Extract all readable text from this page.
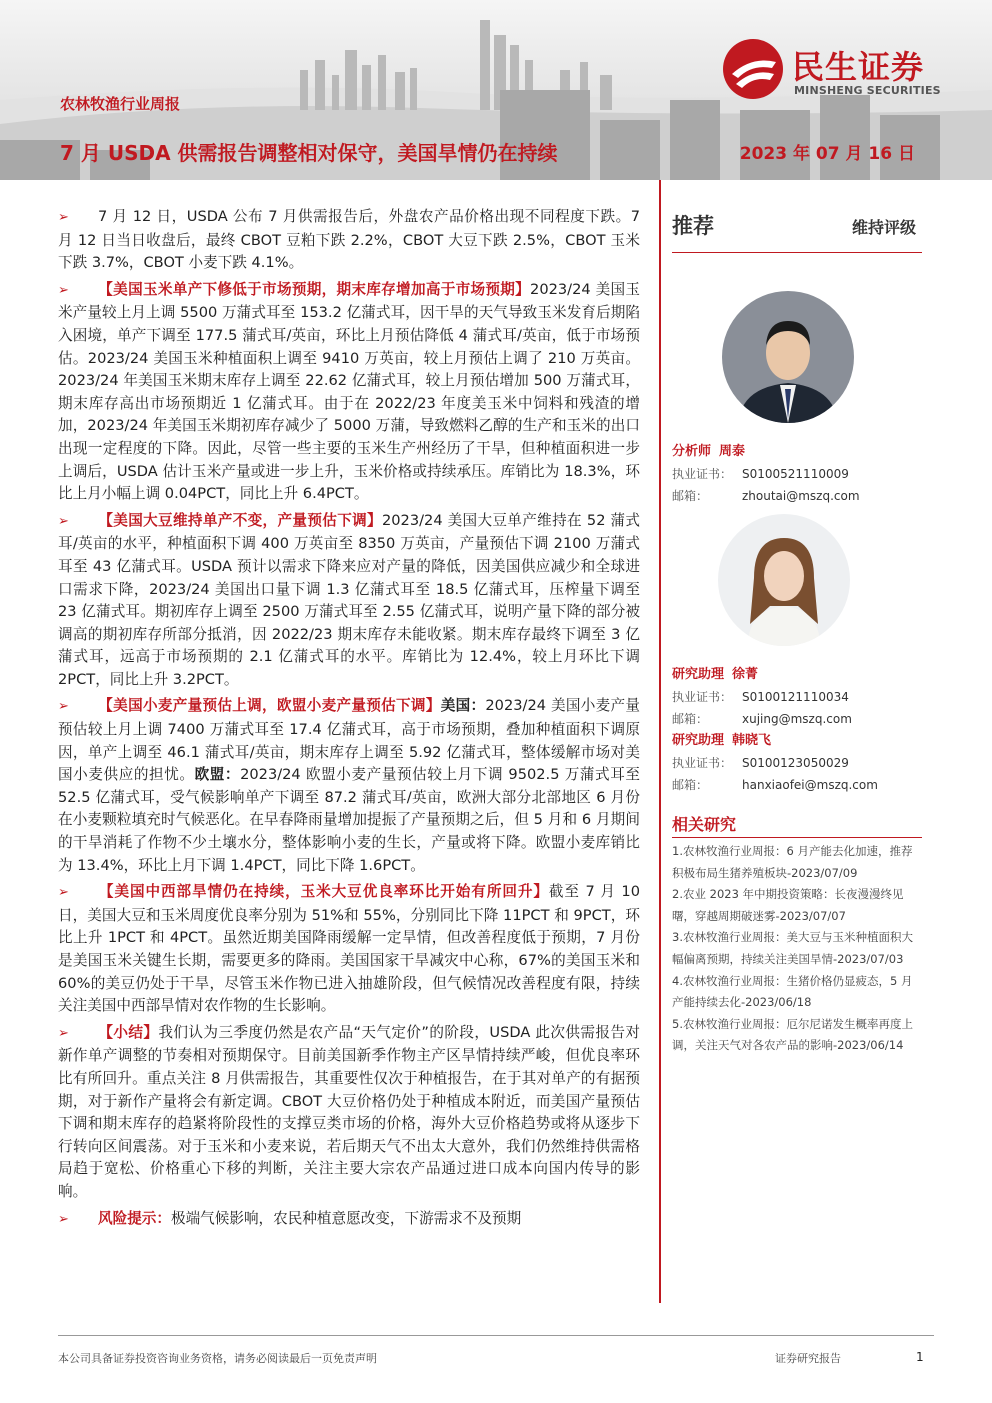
民生证券
MINSHENG SECURITIES
农林牧渔行业周报
7 月 USDA 供需报告调整相对保守，美国旱情仍在持续	2023 年 07 月 16 日

➢ 7 月 12 日，USDA 公布 7 月供需报告后，外盘农产品价格出现不同程度下跌。7 月 12 日当日收盘后，最终 CBOT 豆粕下跌 2.2%，CBOT 大豆下跌 2.5%，CBOT 玉米下跌 3.7%，CBOT 小麦下跌 4.1%。

➢ 【美国玉米单产下修低于市场预期，期末库存增加高于市场预期】2023/24 美国玉米产量较上月上调 5500 万蒲式耳至 153.2 亿蒲式耳，因干旱的天气导致玉米发育后期陷入困境，单产下调至 177.5 蒲式耳/英亩，环比上月预估降低 4 蒲式耳/英亩，低于市场预估。2023/24 美国玉米种植面积上调至 9410 万英亩，较上月预估上调了 210 万英亩。2023/24 年美国玉米期末库存上调至 22.62 亿蒲式耳，较上月预估增加 500 万蒲式耳，期末库存高出市场预期近 1 亿蒲式耳。由于在 2022/23 年度美玉米中饲料和残渣的增加，2023/24 年美国玉米期初库存减少了 5000 万蒲，导致燃料乙醇的生产和玉米的出口出现一定程度的下降。因此，尽管一些主要的玉米生产州经历了干旱，但种植面积进一步上调后，USDA 估计玉米产量或进一步上升，玉米价格或持续承压。库销比为 18.3%，环比上月小幅上调 0.04PCT，同比上升 6.4PCT。

➢ 【美国大豆维持单产不变，产量预估下调】2023/24 美国大豆单产维持在 52 蒲式耳/英亩的水平，种植面积下调 400 万英亩至 8350 万英亩，产量预估下调 2100 万蒲式耳至 43 亿蒲式耳。USDA 预计以需求下降来应对产量的降低，因美国供应减少和全球进口需求下降，2023/24 美国出口量下调 1.3 亿蒲式耳至 18.5 亿蒲式耳，压榨量下调至 23 亿蒲式耳。期初库存上调至 2500 万蒲式耳至 2.55 亿蒲式耳，说明产量下降的部分被调高的期初库存所部分抵消，因 2022/23 期末库存未能收紧。期末库存最终下调至 3 亿蒲式耳，远高于市场预期的 2.1 亿蒲式耳的水平。库销比为 12.4%，较上月环比下调 2PCT，同比上升 3.2PCT。

➢ 【美国小麦产量预估上调，欧盟小麦产量预估下调】美国：2023/24 美国小麦产量预估较上月上调 7400 万蒲式耳至 17.4 亿蒲式耳，高于市场预期，叠加种植面积下调原因，单产上调至 46.1 蒲式耳/英亩，期末库存上调至 5.92 亿蒲式耳，整体缓解市场对美国小麦供应的担忧。欧盟：2023/24 欧盟小麦产量预估较上月下调 9502.5 万蒲式耳至 52.5 亿蒲式耳，受气候影响单产下调至 87.2 蒲式耳/英亩，欧洲大部分北部地区 6 月份在小麦颗粒填充时气候恶化。在早春降雨量增加提振了产量预期之后，但 5 月和 6 月期间的干旱消耗了作物不少土壤水分，整体影响小麦的生长，产量或将下降。欧盟小麦库销比为 13.4%，环比上月下调 1.4PCT，同比下降 1.6PCT。

➢ 【美国中西部旱情仍在持续，玉米大豆优良率环比开始有所回升】截至 7 月 10 日，美国大豆和玉米周度优良率分别为 51%和 55%，分别同比下降 11PCT 和 9PCT，环比上升 1PCT 和 4PCT。虽然近期美国降雨缓解一定旱情，但改善程度低于预期，7 月份是美国玉米关键生长期，需要更多的降雨。美国国家干旱减灾中心称，67%的美国玉米和 60%的美豆仍处于干旱，尽管玉米作物已进入抽雄阶段，但气候情况改善程度有限，持续关注美国中西部旱情对农作物的生长影响。

➢ 【小结】我们认为三季度仍然是农产品“天气定价”的阶段，USDA 此次供需报告对新作单产调整的节奏相对预期保守。目前美国新季作物主产区旱情持续严峻，但优良率环比有所回升。重点关注 8 月供需报告，其重要性仅次于种植报告，在于其对单产的有据预期，对于新作产量将会有新定调。CBOT 大豆价格仍处于种植成本附近，而美国产量预估下调和期末库存的趋紧将阶段性的支撑豆类市场的价格，海外大豆价格趋势或将从逐步下行转向区间震荡。对于玉米和小麦来说，若后期天气不出太大意外，我们仍然维持供需格局趋于宽松、价格重心下移的判断，关注主要大宗农产品通过进口成本向国内传导的影响。

➢ 风险提示：极端气候影响，农民种植意愿改变，下游需求不及预期

推荐	维持评级
分析师 周泰
执业证书： S0100521110009
邮箱：	zhoutai@mszq.com
研究助理 徐菁
执业证书： S0100121110034
邮箱：	xujing@mszq.com
研究助理 韩晓飞
执业证书： S0100123050029
邮箱：	hanxiaofei@mszq.com
相关研究
1.农林牧渔行业周报：6 月产能去化加速，推荐积极布局生猪养殖板块-2023/07/09
2.农业 2023 年中期投资策略：长夜漫漫终见曙，穿越周期破迷雾-2023/07/07
3.农林牧渔行业周报：美大豆与玉米种植面积大幅偏离预期，持续关注美国旱情-2023/07/03
4.农林牧渔行业周报：生猪价格仍显疲态，5 月产能持续去化-2023/06/18
5.农林牧渔行业周报：厄尔尼诺发生概率再度上调，关注天气对各农产品的影响-2023/06/14
本公司具备证券投资咨询业务资格，请务必阅读最后一页免责声明	证券研究报告	1
